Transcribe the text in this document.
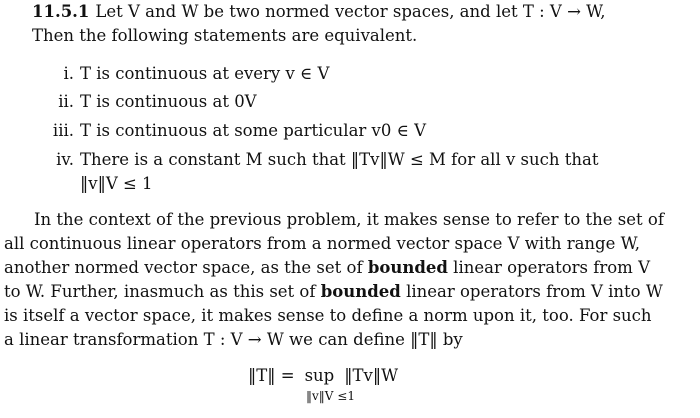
11.5.1 Let V and W be two normed vector spaces, and let T : V → W,
Then the following statements are equivalent.
i. T is continuous at every v ∈ V
ii. T is continuous at 0V
iii. T is continuous at some particular v0 ∈ V
iv. There is a constant M such that ‖Tv‖W ≤ M for all v such that
‖v‖V ≤ 1
In the context of the previous problem, it makes sense to refer to the set of
all continuous linear operators from a normed vector space V with range W,
another normed vector space, as the set of bounded linear operators from V
to W. Further, inasmuch as this set of bounded linear operators from V into W
is itself a vector space, it makes sense to define a norm upon it, too. For such
a linear transformation T : V → W we can define ‖T‖ by
‖T‖ = sup ‖Tv‖W
‖v‖V ≤1
